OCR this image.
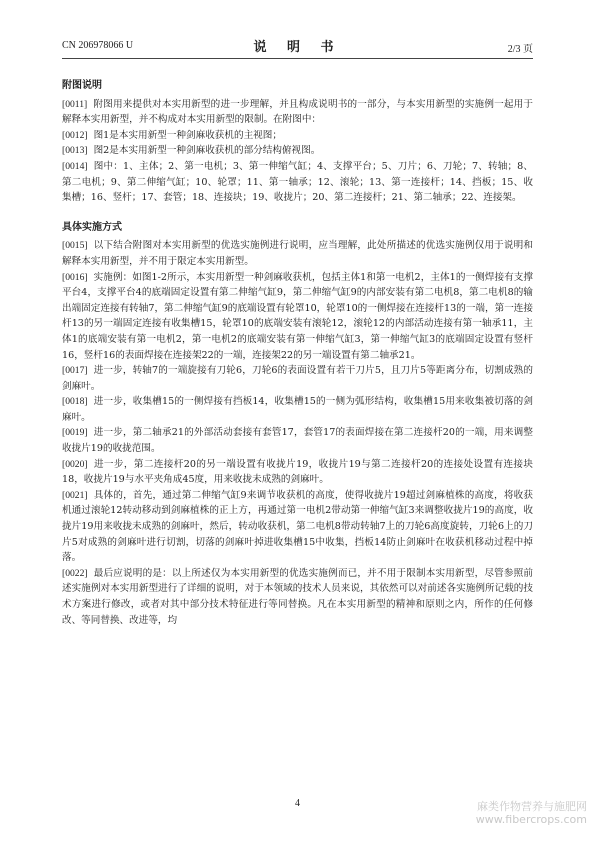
CN 206978066 U	说 明 书	2/3 页
附图说明

[0011] 附图用来提供对本实用新型的进一步理解，并且构成说明书的一部分，与本实用新型的实施例一起用于解释本实用新型，并不构成对本实用新型的限制。在附图中：

[0012] 图1是本实用新型一种剑麻收获机的主视图；

[0013] 图2是本实用新型一种剑麻收获机的部分结构俯视图。

[0014] 图中：1、主体；2、第一电机；3、第一伸缩气缸；4、支撑平台；5、刀片；6、刀轮；7、转轴；8、第二电机；9、第二伸缩气缸；10、轮罩；11、第一轴承；12、滚轮；13、第一连接杆；14、挡板；15、收集槽；16、竖杆；17、套管；18、连接块；19、收拢片；20、第二连接杆；21、第二轴承；22、连接架。

具体实施方式

[0015] 以下结合附图对本实用新型的优选实施例进行说明，应当理解，此处所描述的优选实施例仅用于说明和解释本实用新型，并不用于限定本实用新型。

[0016] 实施例：如图1-2所示，本实用新型一种剑麻收获机，包括主体1和第一电机2，主体1的一侧焊接有支撑平台4，支撑平台4的底端固定设置有第二伸缩气缸9，第二伸缩气缸9的内部安装有第二电机8，第二电机8的输出端固定连接有转轴7，第二伸缩气缸9的底端设置有轮罩10，轮罩10的一侧焊接在连接杆13的一端，第一连接杆13的另一端固定连接有收集槽15，轮罩10的底端安装有滚轮12，滚轮12的内部活动连接有第一轴承11，主体1的底端安装有第一电机2，第一电机2的底端安装有第一伸缩气缸3，第一伸缩气缸3的底端固定设置有竖杆16，竖杆16的表面焊接在连接架22的一端，连接架22的另一端设置有第二轴承21。

[0017] 进一步，转轴7的一端旋接有刀轮6，刀轮6的表面设置有若干刀片5，且刀片5等距离分布，切割成熟的剑麻叶。

[0018] 进一步，收集槽15的一侧焊接有挡板14，收集槽15的一侧为弧形结构，收集槽15用来收集被切落的剑麻叶。

[0019] 进一步，第二轴承21的外部活动套接有套管17，套管17的表面焊接在第二连接杆20的一端，用来调整收拢片19的收拢范围。

[0020] 进一步，第二连接杆20的另一端设置有收拢片19，收拢片19与第二连接杆20的连接处设置有连接块18，收拢片19与水平夹角成45度，用来收拢未成熟的剑麻叶。

[0021] 具体的，首先，通过第二伸缩气缸9来调节收获机的高度，使得收拢片19超过剑麻植株的高度，将收获机通过滚轮12转动移动到剑麻植株的正上方，再通过第一电机2带动第一伸缩气缸3来调整收拢片19的高度，收拢片19用来收拢未成熟的剑麻叶，然后，转动收获机，第二电机8带动转轴7上的刀轮6高度旋转，刀轮6上的刀片5对成熟的剑麻叶进行切割，切落的剑麻叶掉进收集槽15中收集，挡板14防止剑麻叶在收获机移动过程中掉落。

[0022] 最后应说明的是：以上所述仅为本实用新型的优选实施例而已，并不用于限制本实用新型，尽管参照前述实施例对本实用新型进行了详细的说明，对于本领域的技术人员来说，其依然可以对前述各实施例所记载的技术方案进行修改，或者对其中部分技术特征进行等同替换。凡在本实用新型的精神和原则之内，所作的任何修改、等同替换、改进等，均

4	麻类作物营养与施肥网
www.fibercrops.com
